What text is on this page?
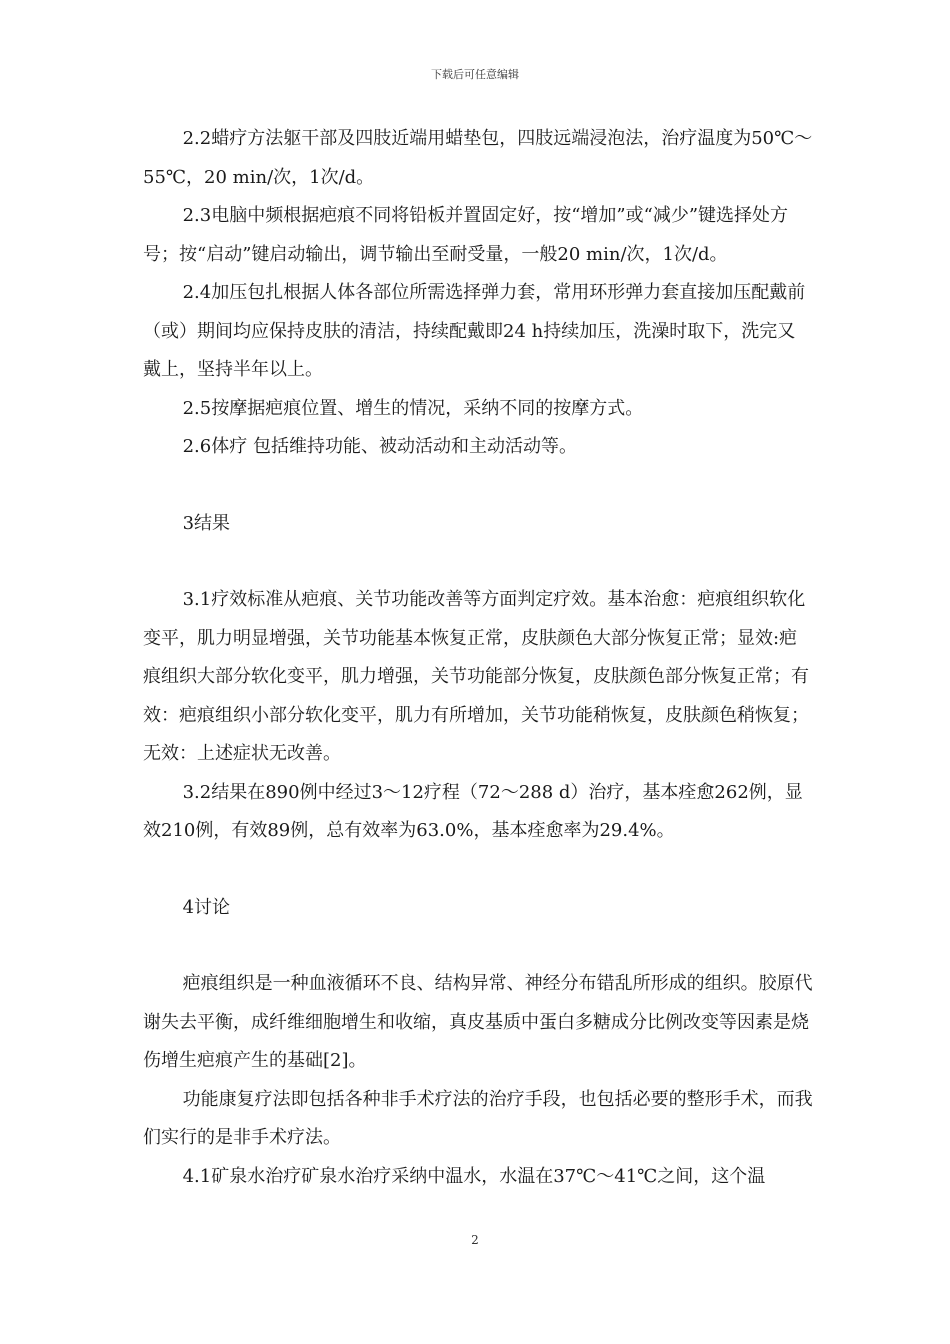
下载后可任意编辑

2.2蜡疗方法躯干部及四肢近端用蜡垫包，四肢远端浸泡法，治疗温度为50℃～55℃，20 min/次，1次/d。

2.3电脑中频根据疤痕不同将铅板并置固定好，按“增加”或“减少”键选择处方号；按“启动”键启动输出，调节输出至耐受量，一般20 min/次，1次/d。

2.4加压包扎根据人体各部位所需选择弹力套，常用环形弹力套直接加压配戴前（或）期间均应保持皮肤的清洁，持续配戴即24 h持续加压，洗澡时取下，洗完又戴上，坚持半年以上。

2.5按摩据疤痕位置、增生的情况，采纳不同的按摩方式。

2.6体疗 包括维持功能、被动活动和主动活动等。

3结果

3.1疗效标准从疤痕、关节功能改善等方面判定疗效。基本治愈：疤痕组织软化变平，肌力明显增强，关节功能基本恢复正常，皮肤颜色大部分恢复正常；显效:疤痕组织大部分软化变平，肌力增强，关节功能部分恢复，皮肤颜色部分恢复正常；有效：疤痕组织小部分软化变平，肌力有所增加，关节功能稍恢复，皮肤颜色稍恢复；无效：上述症状无改善。

3.2结果在890例中经过3～12疗程（72～288 d）治疗，基本痊愈262例，显效210例，有效89例，总有效率为63.0%，基本痊愈率为29.4%。

4讨论

疤痕组织是一种血液循环不良、结构异常、神经分布错乱所形成的组织。胶原代谢失去平衡，成纤维细胞增生和收缩，真皮基质中蛋白多糖成分比例改变等因素是烧伤增生疤痕产生的基础[2]。

功能康复疗法即包括各种非手术疗法的治疗手段，也包括必要的整形手术，而我们实行的是非手术疗法。

4.1矿泉水治疗矿泉水治疗采纳中温水，水温在37℃～41℃之间，这个温

2
